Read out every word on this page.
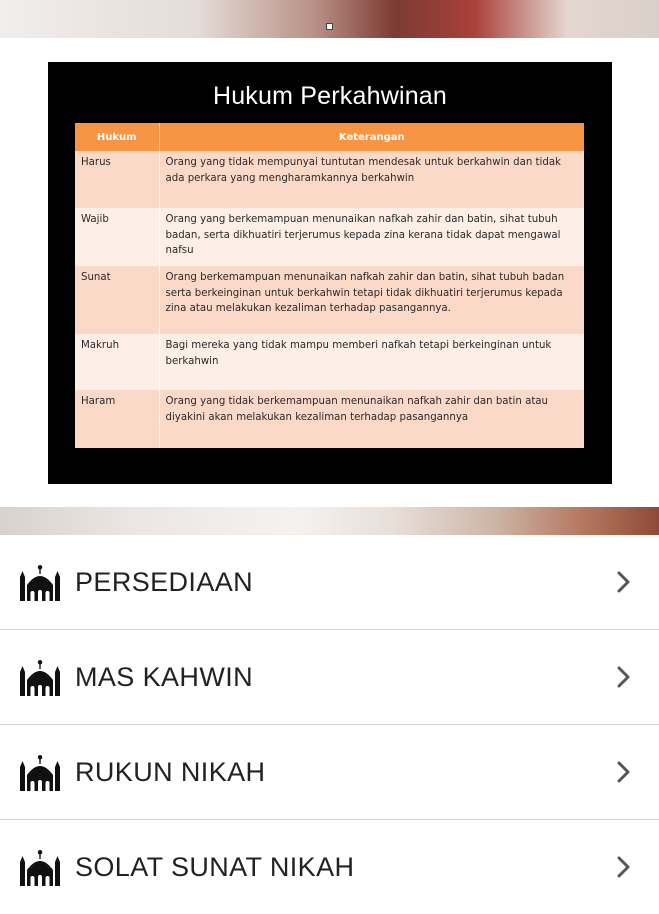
Hukum Perkahwinan
Hukum	Keterangan
Harus	Orang yang tidak mempunyai tuntutan mendesak untuk berkahwin dan tidak ada perkara yang mengharamkannya berkahwin
Wajib	Orang yang berkemampuan menunaikan nafkah zahir dan batin, sihat tubuh badan, serta dikhuatiri terjerumus kepada zina kerana tidak dapat mengawal nafsu
Sunat	Orang berkemampuan menunaikan nafkah zahir dan batin, sihat tubuh badan serta berkeinginan untuk berkahwin tetapi tidak dikhuatiri terjerumus kepada zina atau melakukan kezaliman terhadap pasangannya.
Makruh	Bagi mereka yang tidak mampu memberi nafkah tetapi berkeinginan untuk berkahwin
Haram	Orang yang tidak berkemampuan menunaikan nafkah zahir dan batin atau diyakini akan melakukan kezaliman terhadap pasangannya
PERSEDIAAN
MAS KAHWIN
RUKUN NIKAH
SOLAT SUNAT NIKAH
